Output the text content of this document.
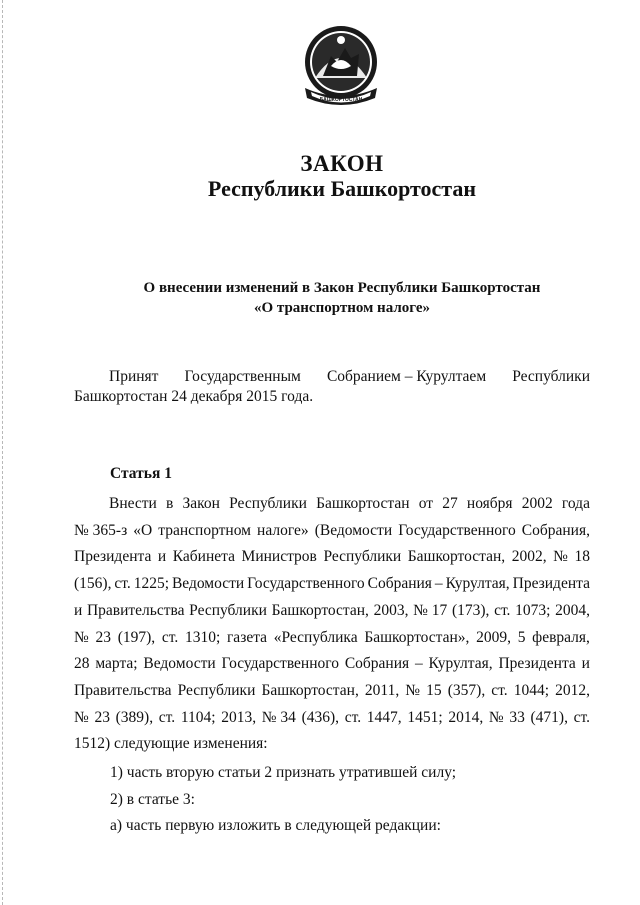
БАШКОРТОСТАН
ЗАКОН
Республики Башкортостан
О внесении изменений в Закон Республики Башкортостан
«О транспортном налоге»
Принят Государственным Собранием – Курултаем Республики
Башкортостан 24 декабря 2015 года.
Статья 1
Внести в Закон Республики Башкортостан от 27 ноября 2002 года
№ 365-з «О транспортном налоге» (Ведомости Государственного Собрания,
Президента и Кабинета Министров Республики Башкортостан, 2002, № 18
(156), ст. 1225; Ведомости Государственного Собрания – Курултая, Президента
и Правительства Республики Башкортостан, 2003, № 17 (173), ст. 1073; 2004,
№ 23 (197), ст. 1310; газета «Республика Башкортостан», 2009, 5 февраля,
28 марта; Ведомости Государственного Собрания – Курултая, Президента и
Правительства Республики Башкортостан, 2011, № 15 (357), ст. 1044; 2012,
№ 23 (389), ст. 1104; 2013, № 34 (436), ст. 1447, 1451; 2014, № 33 (471), ст.
1512) следующие изменения:
1) часть вторую статьи 2 признать утратившей силу;
2) в статье 3:
а) часть первую изложить в следующей редакции:
